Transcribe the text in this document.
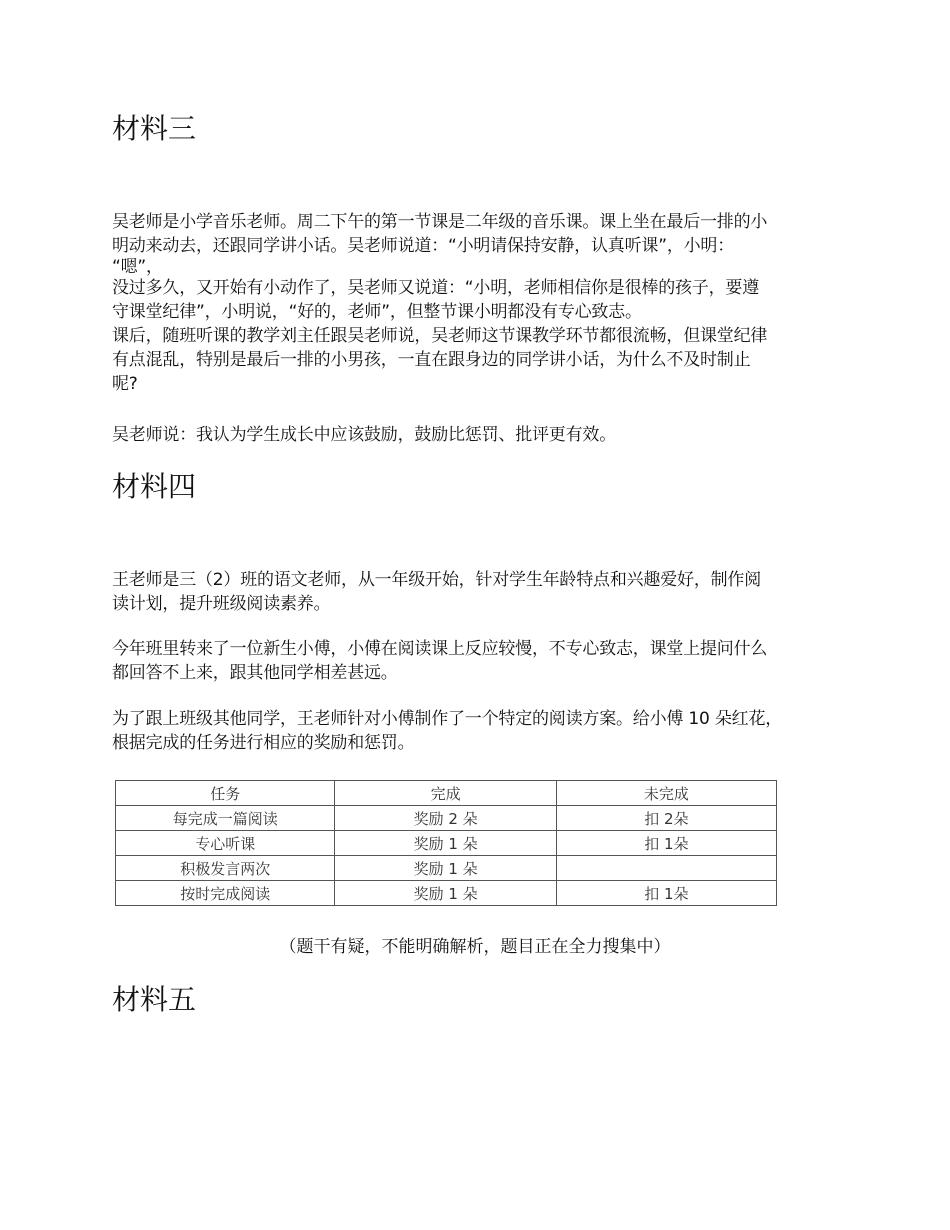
材料三
吴老师是小学音乐老师。周二下午的第一节课是二年级的音乐课。课上坐在最后一排的小
明动来动去，还跟同学讲小话。吴老师说道：“小明请保持安静，认真听课”，小明：
“嗯”，
没过多久，又开始有小动作了，吴老师又说道：“小明，老师相信你是很棒的孩子，要遵
守课堂纪律”，小明说，“好的，老师”，但整节课小明都没有专心致志。
课后，随班听课的教学刘主任跟吴老师说，吴老师这节课教学环节都很流畅，但课堂纪律
有点混乱，特别是最后一排的小男孩，一直在跟身边的同学讲小话，为什么不及时制止
呢?

吴老师说：我认为学生成长中应该鼓励，鼓励比惩罚、批评更有效。

材料四
王老师是三（2）班的语文老师，从一年级开始，针对学生年龄特点和兴趣爱好，制作阅
读计划，提升班级阅读素养。
今年班里转来了一位新生小傅，小傅在阅读课上反应较慢，不专心致志，课堂上提问什么
都回答不上来，跟其他同学相差甚远。
为了跟上班级其他同学，王老师针对小傅制作了一个特定的阅读方案。给小傅 10 朵红花，
根据完成的任务进行相应的奖励和惩罚。
任务	完成	未完成
每完成一篇阅读	奖励 2 朵	扣 2朵
专心听课	奖励 1 朵	扣 1朵
积极发言两次	奖励 1 朵	
按时完成阅读	奖励 1 朵	扣 1朵

（题干有疑，不能明确解析，题目正在全力搜集中）

材料五
